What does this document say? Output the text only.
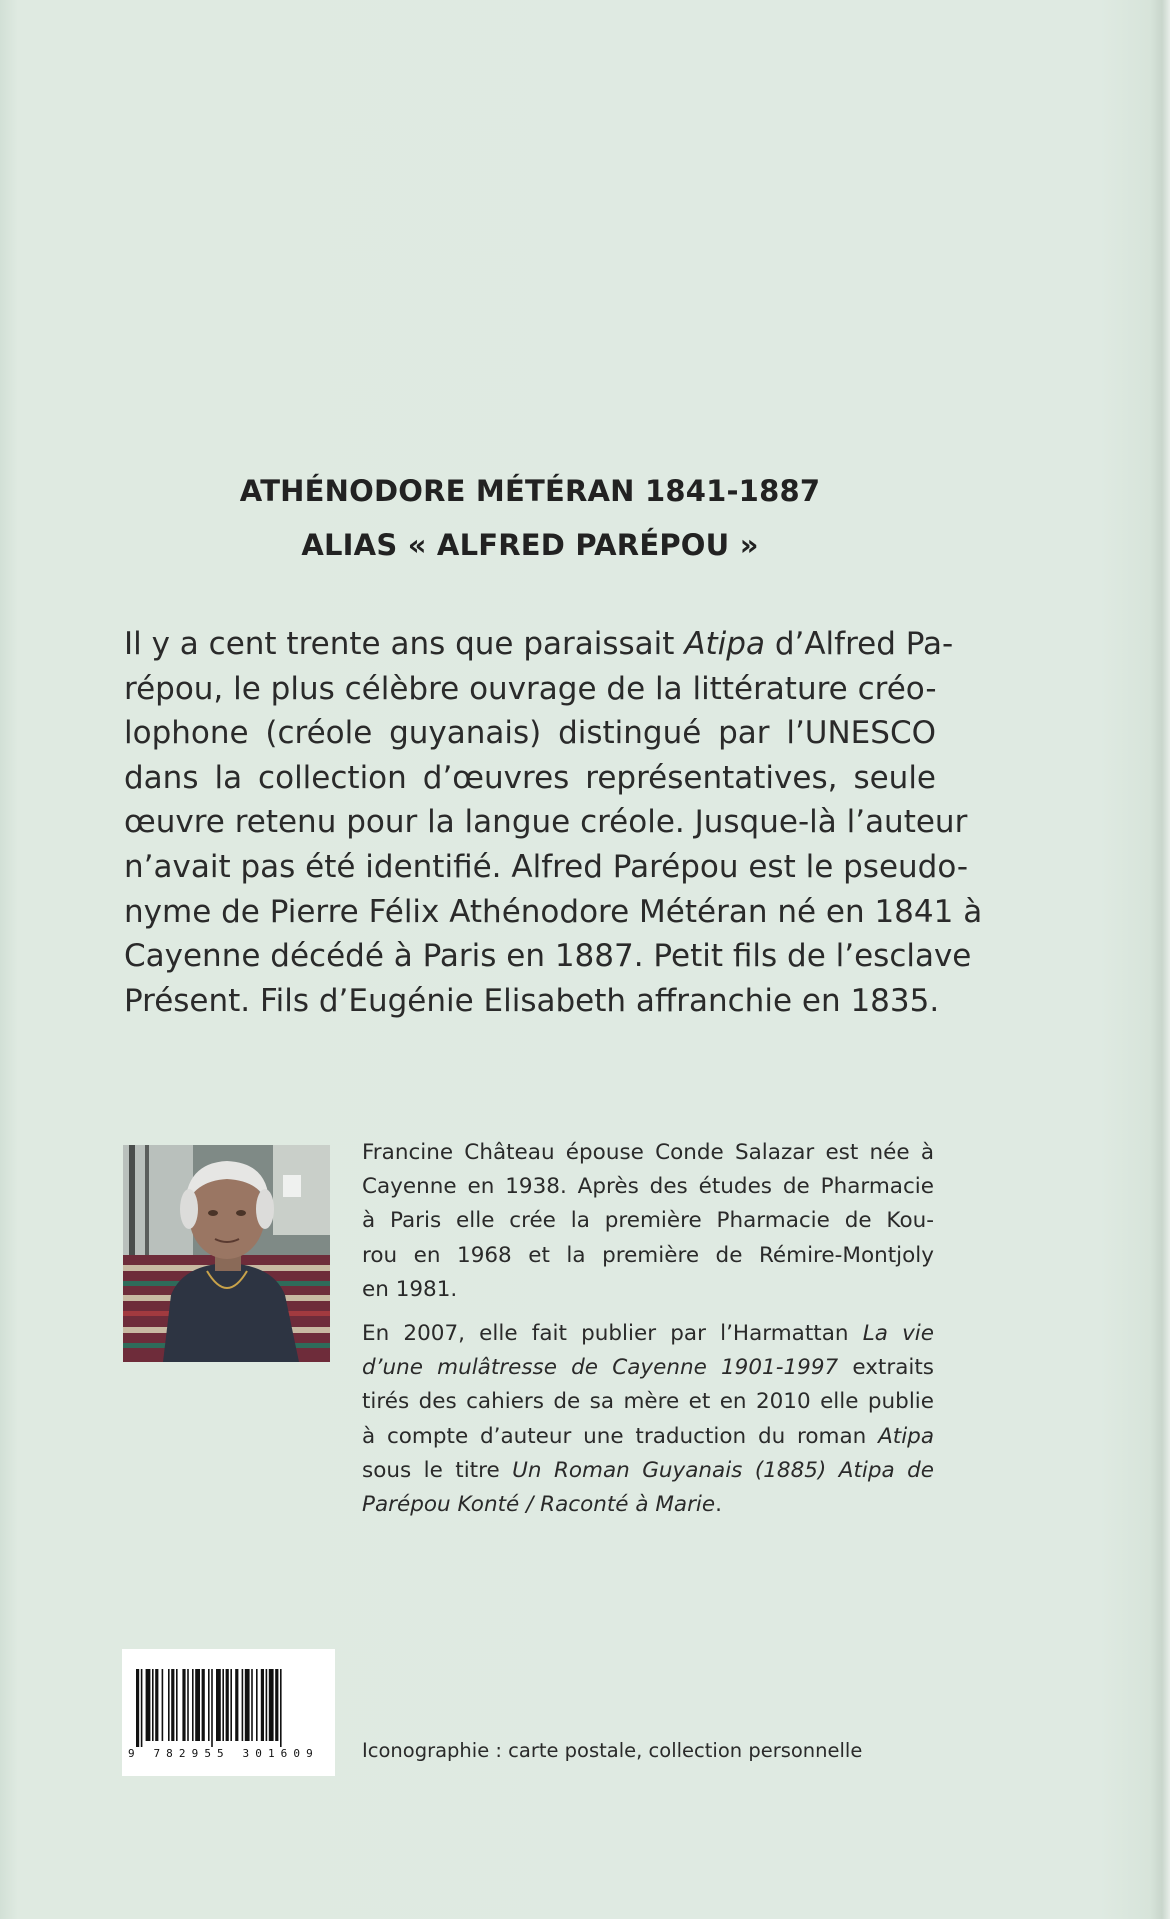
ATHÉNODORE MÉTÉRAN 1841-1887
ALIAS « ALFRED PARÉPOU »
Il y a cent trente ans que paraissait Atipa d’Alfred Pa-
répou, le plus célèbre ouvrage de la littérature créo-
lophone (créole guyanais) distingué par l’UNESCO
dans la collection d’œuvres représentatives, seule
œuvre retenu pour la langue créole. Jusque-là l’auteur
n’avait pas été identifié. Alfred Parépou est le pseudo-
nyme de Pierre Félix Athénodore Météran né en 1841 à
Cayenne décédé à Paris en 1887. Petit fils de l’esclave
Présent. Fils d’Eugénie Elisabeth affranchie en 1835.
Francine Château épouse Conde Salazar est née à
Cayenne en 1938. Après des études de Pharmacie
à Paris elle crée la première Pharmacie de Kou-
rou en 1968 et la première de Rémire-Montjoly
en 1981.
En 2007, elle fait publier par l’Harmattan La vie
d’une mulâtresse de Cayenne 1901-1997 extraits
tirés des cahiers de sa mère et en 2010 elle publie
à compte d’auteur une traduction du roman Atipa
sous le titre Un Roman Guyanais (1885) Atipa de
Parépou Konté / Raconté à Marie.
9 782955 301609	Iconographie : carte postale, collection personnelle
